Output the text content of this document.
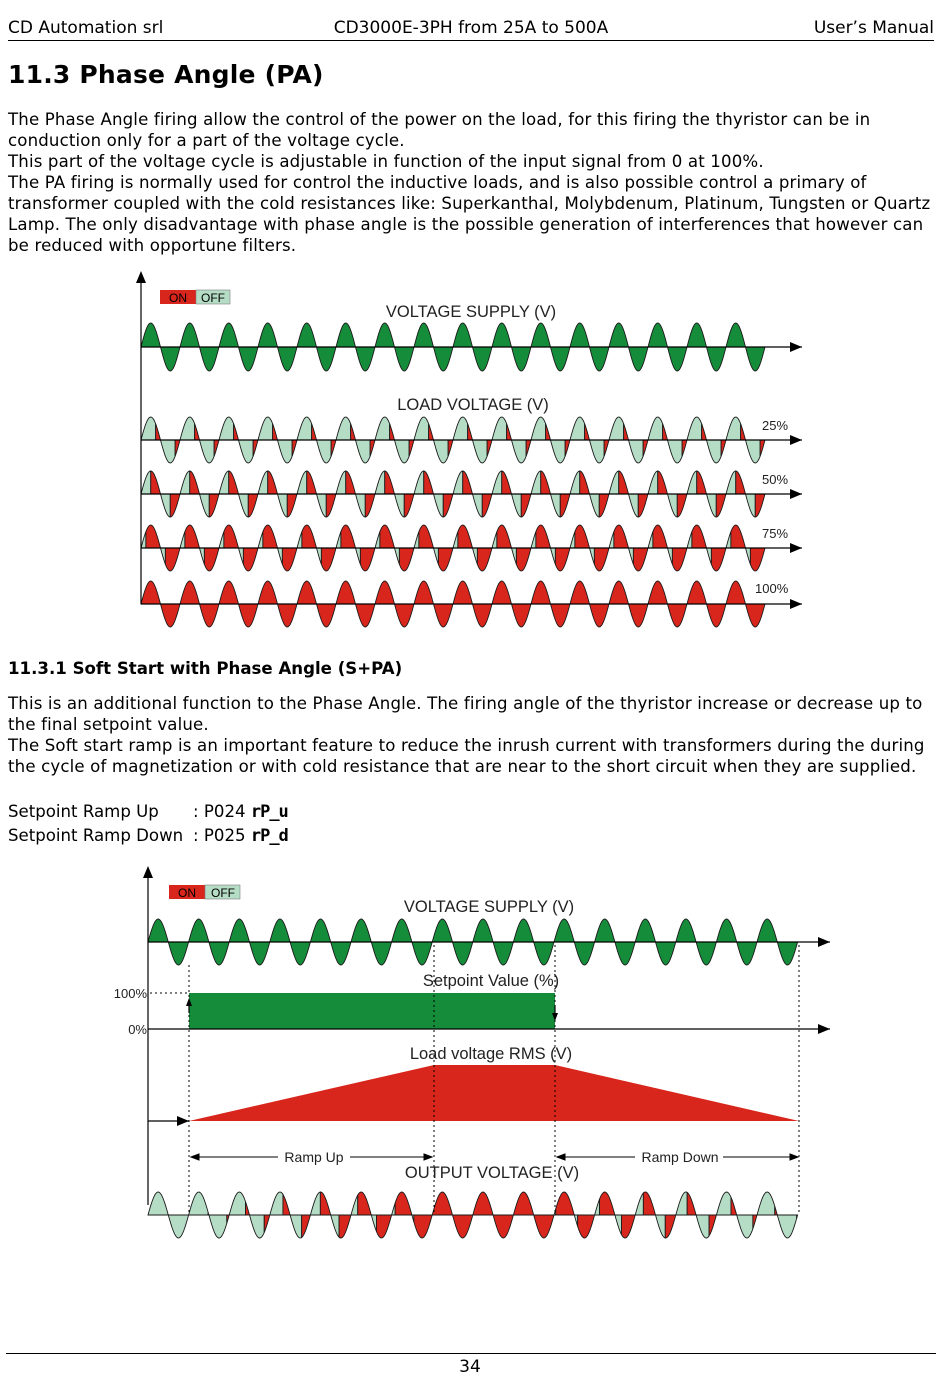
CD Automation srl	CD3000E-3PH from 25A to 500A	User’s Manual
11.3 Phase Angle (PA)
The Phase Angle firing allow the control of the power on the load, for this firing the thyristor can be in conduction only for a part of the voltage cycle.
This part of the voltage cycle is adjustable in function of the input signal from 0 at 100%.
The PA firing is normally used for control the inductive loads, and is also possible control a primary of transformer coupled with the cold resistances like: Superkanthal, Molybdenum, Platinum, Tungsten or Quartz Lamp. The only disadvantage with phase angle is the possible generation of interferences that however can be reduced with opportune filters.
ON OFF
VOLTAGE SUPPLY (V)
LOAD VOLTAGE (V)
25%
50%
75%
100%
11.3.1 Soft Start with Phase Angle (S+PA)
This is an additional function to the Phase Angle. The firing angle of the thyristor increase or decrease up to the final setpoint value.
The Soft start ramp is an important feature to reduce the inrush current with transformers during the during the cycle of magnetization or with cold resistance that are near to the short circuit when they are supplied.
Setpoint Ramp Up : P024 rP_u
Setpoint Ramp Down : P025 rP_d
ON OFF
VOLTAGE SUPPLY (V)
Setpoint Value (%)
100%
0%
Load voltage RMS (V)
Ramp Up	Ramp Down
OUTPUT VOLTAGE (V)
34
